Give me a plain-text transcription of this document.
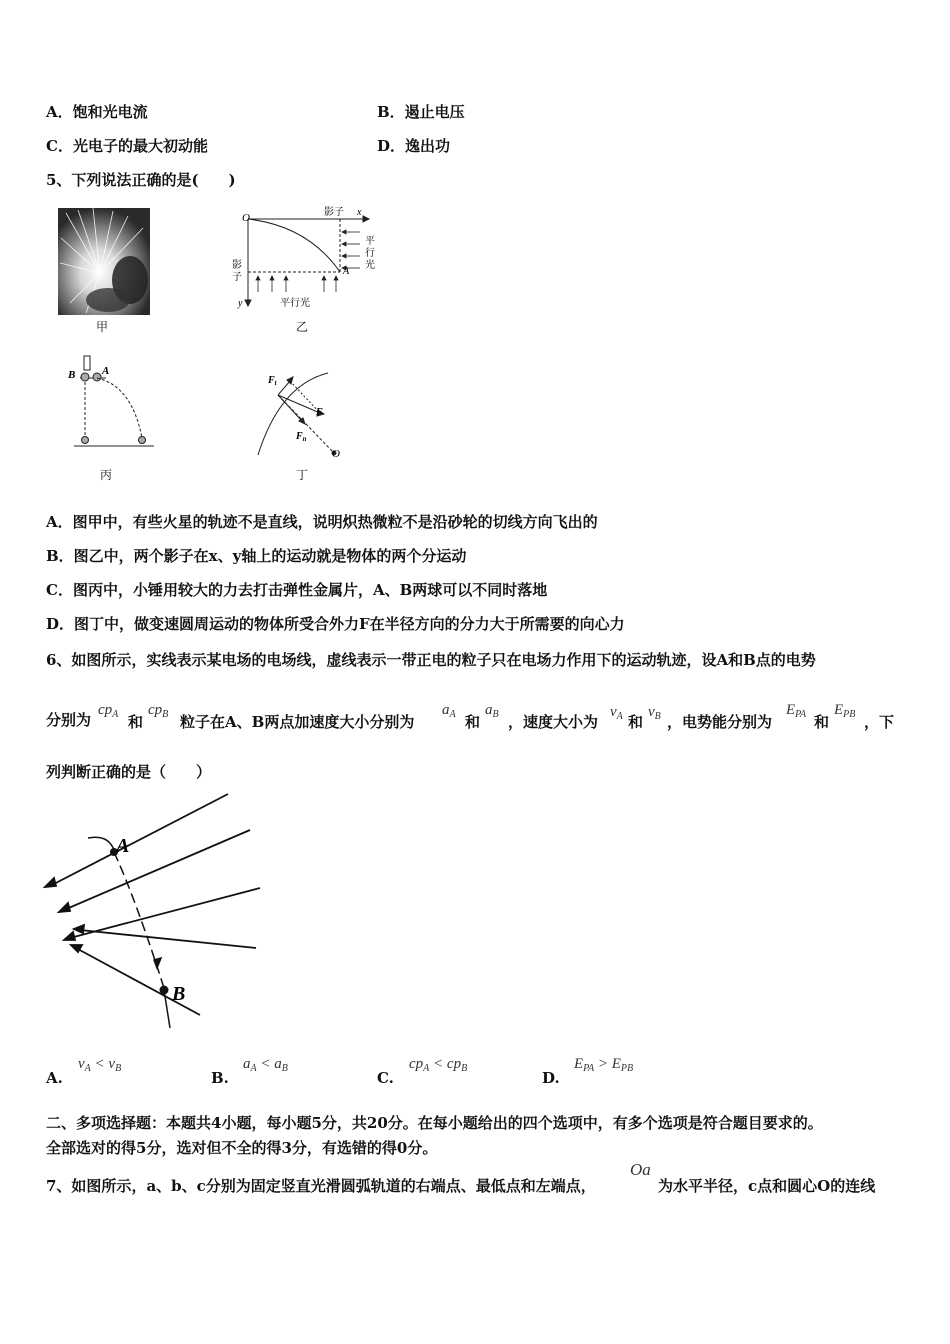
A．饱和光电流	B．遏止电压
C．光电子的最大初动能	D．逸出功
5、下列说法正确的是(　　)
甲
O	影子 x
平
行
光
A
影
子
y	平行光
乙
B A
丙
$F_t$
F
$F_n$
O
丁
A．图甲中，有些火星的轨迹不是直线，说明炽热微粒不是沿砂轮的切线方向飞出的
B．图乙中，两个影子在x、y轴上的运动就是物体的两个分运动
C．图丙中，小锤用较大的力去打击弹性金属片，A、B两球可以不同时落地
D．图丁中，做变速圆周运动的物体所受合外力F在半径方向的分力大于所需要的向心力
6、如图所示，实线表示某电场的电场线，虚线表示一带正电的粒子只在电场力作用下的运动轨迹，设A和B点的电势
分别为
$cp_A$ 和
$cp_B$ 粒子在A、B两点加速度大小分别为
$a_A$ 和
$a_B$ ，速度大小为
$v_A$ 和
$v_B$ ，电势能分别为
$E_{PA}$ 和
$E_{PB}$ ，下
列判断正确的是（　　）
A
B
A.
$v_A < v_B$
B.
$a_A < a_B$
C.
$cp_A < cp_B$
D.
$E_{PA} > E_{PB}$
二、多项选择题：本题共4小题，每小题5分，共20分。在每小题给出的四个选项中，有多个选项是符合题目要求的。
全部选对的得5分，选对但不全的得3分，有选错的得0分。
7、如图所示，a、b、c分别为固定竖直光滑圆弧轨道的右端点、最低点和左端点，
Oa
为水平半径，c点和圆心O的连线
